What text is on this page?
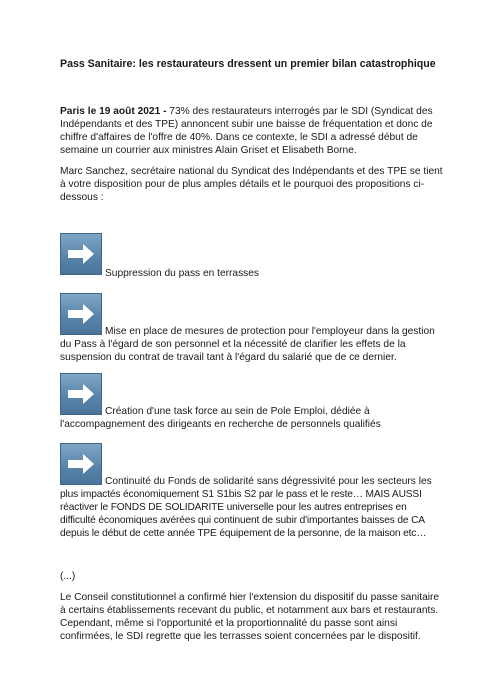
Pass Sanitaire: les restaurateurs dressent un premier bilan catastrophique
Paris le 19 août 2021 - 73% des restaurateurs interrogés par le SDI (Syndicat des Indépendants et des TPE) annoncent subir une baisse de fréquentation et donc de chiffre d'affaires de l'offre de 40%. Dans ce contexte, le SDI a adressé début de semaine un courrier aux ministres Alain Griset et Elisabeth Borne.
Marc Sanchez, secrétaire national du Syndicat des Indépendants et des TPE se tient à votre disposition pour de plus amples détails et le pourquoi des propositions ci-dessous :
Suppression du pass en terrasses
Mise en place de mesures de protection pour l'employeur dans la gestion
du Pass à l'égard de son personnel et la nécessité de clarifier les effets de la
suspension du contrat de travail tant à l'égard du salarié que de ce dernier.
Création d'une task force au sein de Pole Emploi, dédiée à
l'accompagnement des dirigeants en recherche de personnels qualifiés
Continuité du Fonds de solidarité sans dégressivité pour les secteurs les
plus impactés économiquement S1 S1bis S2 par le pass et le reste… MAIS AUSSI
réactiver le FONDS DE SOLIDARITE universelle pour les autres entreprises en
difficulté économiques avérées qui continuent de subir d'importantes baisses de CA
depuis le début de cette année TPE équipement de la personne, de la maison etc…
(...)
Le Conseil constitutionnel a confirmé hier l'extension du dispositif du passe sanitaire à certains établissements recevant du public, et notamment aux bars et restaurants. Cependant, même si l'opportunité et la proportionnalité du passe sont ainsi confirmées, le SDI regrette que les terrasses soient concernées par le dispositif.
